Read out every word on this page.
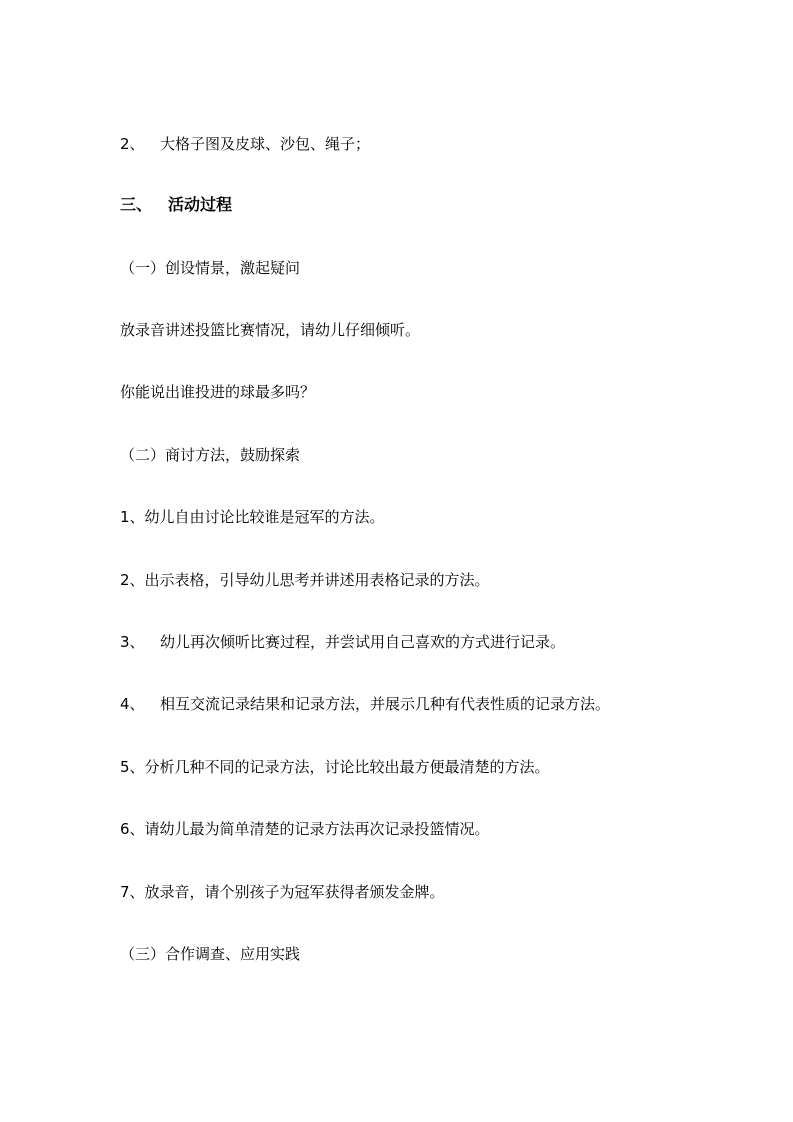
2、 大格子图及皮球、沙包、绳子；
三、 活动过程
（一）创设情景，激起疑问
放录音讲述投篮比赛情况，请幼儿仔细倾听。
你能说出谁投进的球最多吗？
（二）商讨方法，鼓励探索
1、幼儿自由讨论比较谁是冠军的方法。
2、出示表格，引导幼儿思考并讲述用表格记录的方法。
3、 幼儿再次倾听比赛过程，并尝试用自己喜欢的方式进行记录。
4、 相互交流记录结果和记录方法，并展示几种有代表性质的记录方法。
5、分析几种不同的记录方法，讨论比较出最方便最清楚的方法。
6、请幼儿最为简单清楚的记录方法再次记录投篮情况。
7、放录音，请个别孩子为冠军获得者颁发金牌。
（三）合作调查、应用实践
